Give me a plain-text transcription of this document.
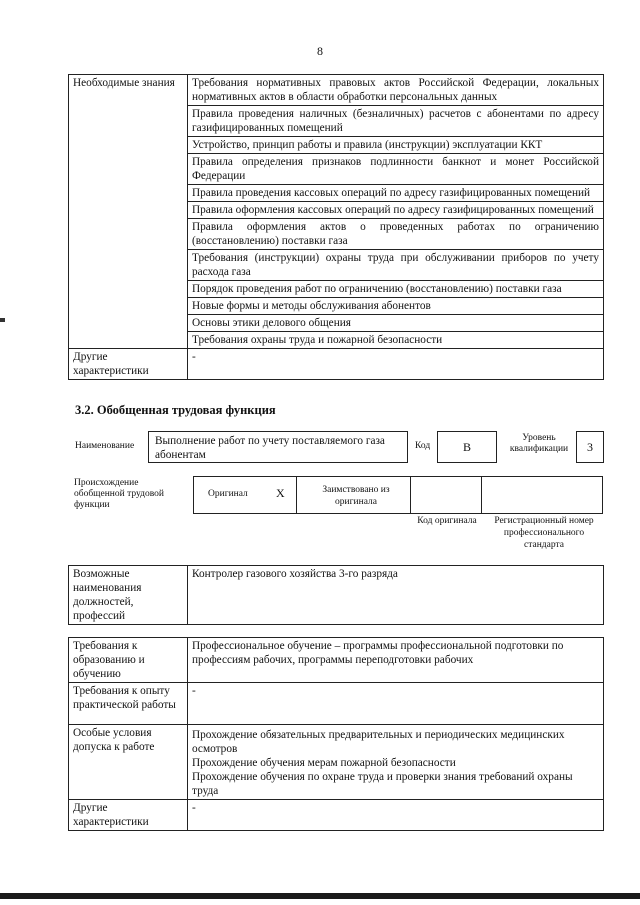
8
Необходимые знания	Требования нормативных правовых актов Российской Федерации, локальных нормативных актов в области обработки персональных данных
	Правила проведения наличных (безналичных) расчетов с абонентами по адресу газифицированных помещений
	Устройство, принцип работы и правила (инструкции) эксплуатации ККТ
	Правила определения признаков подлинности банкнот и монет Российской Федерации
	Правила проведения кассовых операций по адресу газифицированных помещений
	Правила оформления кассовых операций по адресу газифицированных помещений
	Правила оформления актов о проведенных работах по ограничению (восстановлению) поставки газа
	Требования (инструкции) охраны труда при обслуживании приборов по учету расхода газа
	Порядок проведения работ по ограничению (восстановлению) поставки газа
	Новые формы и методы обслуживания абонентов
	Основы этики делового общения
	Требования охраны труда и пожарной безопасности
Другие характеристики	-
3.2. Обобщенная трудовая функция
Наименование	Выполнение работ по учету поставляемого газа абонентам
Код	B
Уровень квалификации	3
Происхождение обобщенной трудовой функции
Оригинал X	Заимствовано из оригинала
Код оригинала	Регистрационный номер профессионального стандарта
Возможные наименования должностей, профессий	Контролер газового хозяйства 3-го разряда
Требования к образованию и обучению	Профессиональное обучение – программы профессиональной подготовки по профессиям рабочих, программы переподготовки рабочих
Требования к опыту практической работы	-
Особые условия допуска к работе	Прохождение обязательных предварительных и периодических медицинских осмотров
Прохождение обучения мерам пожарной безопасности
Прохождение обучения по охране труда и проверки знания требований охраны труда

Другие характеристики	-
